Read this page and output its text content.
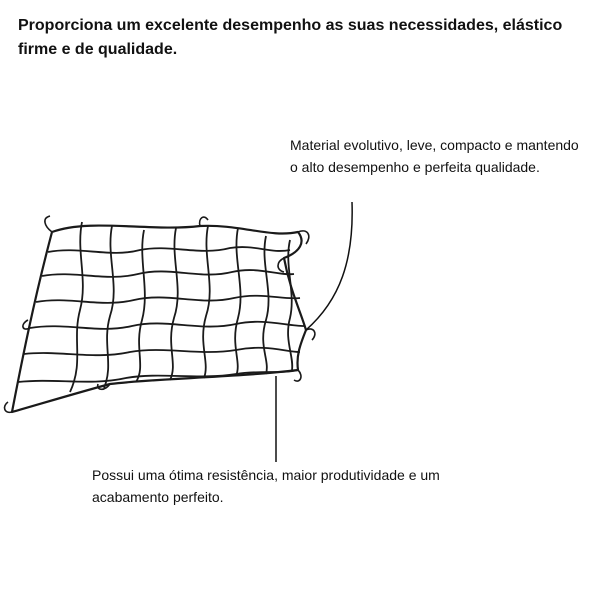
Proporciona um excelente desempenho as suas necessidades, elástico firme e de qualidade.

Material evolutivo, leve, compacto e mantendo o alto desempenho e perfeita qualidade.

Possui uma ótima resistência, maior produtividade e um acabamento perfeito.
